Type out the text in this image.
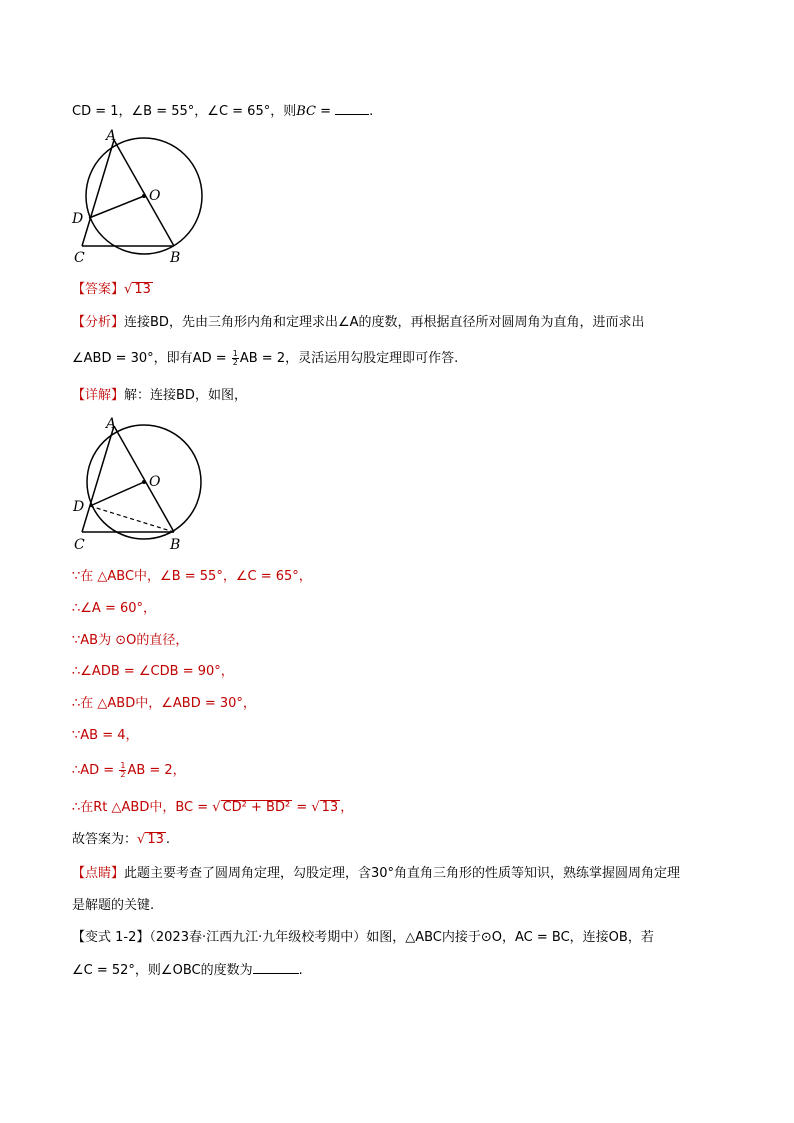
CD = 1，∠B = 55°，∠C = 65°，则BC =	.
A
O
D
C	B
【答案】√ 13
【分析】连接BD，先由三角形内角和定理求出∠A的度数，再根据直径所对圆周角为直角，进而求出
∠ABD = 30°，即有AD = $\frac{1}{2}$ AB = 2，灵活运用勾股定理即可作答.
【详解】解：连接BD，如图，
A
O
D
C	B
∵在 △ABC中，∠B = 55°，∠C = 65°，
∴∠A = 60°，
∵AB为 ⊙O的直径，
∴∠ADB = ∠CDB = 90°，
∴在 △ABD中，∠ABD = 30°，
∵AB = 4，
∴AD = $\frac{1}{2}$ AB = 2，
∴在Rt △ABD中，BC = √ CD² + BD² = √ 13 ，
故答案为：√ 13 .
【点睛】此题主要考查了圆周角定理，勾股定理，含30°角直角三角形的性质等知识，熟练掌握圆周角定理
是解题的关键.
【变式 1-2】（2023春·江西九江·九年级校考期中）如图，△ABC内接于⊙O，AC = BC，连接OB，若
∠C = 52°，则∠OBC的度数为	.
